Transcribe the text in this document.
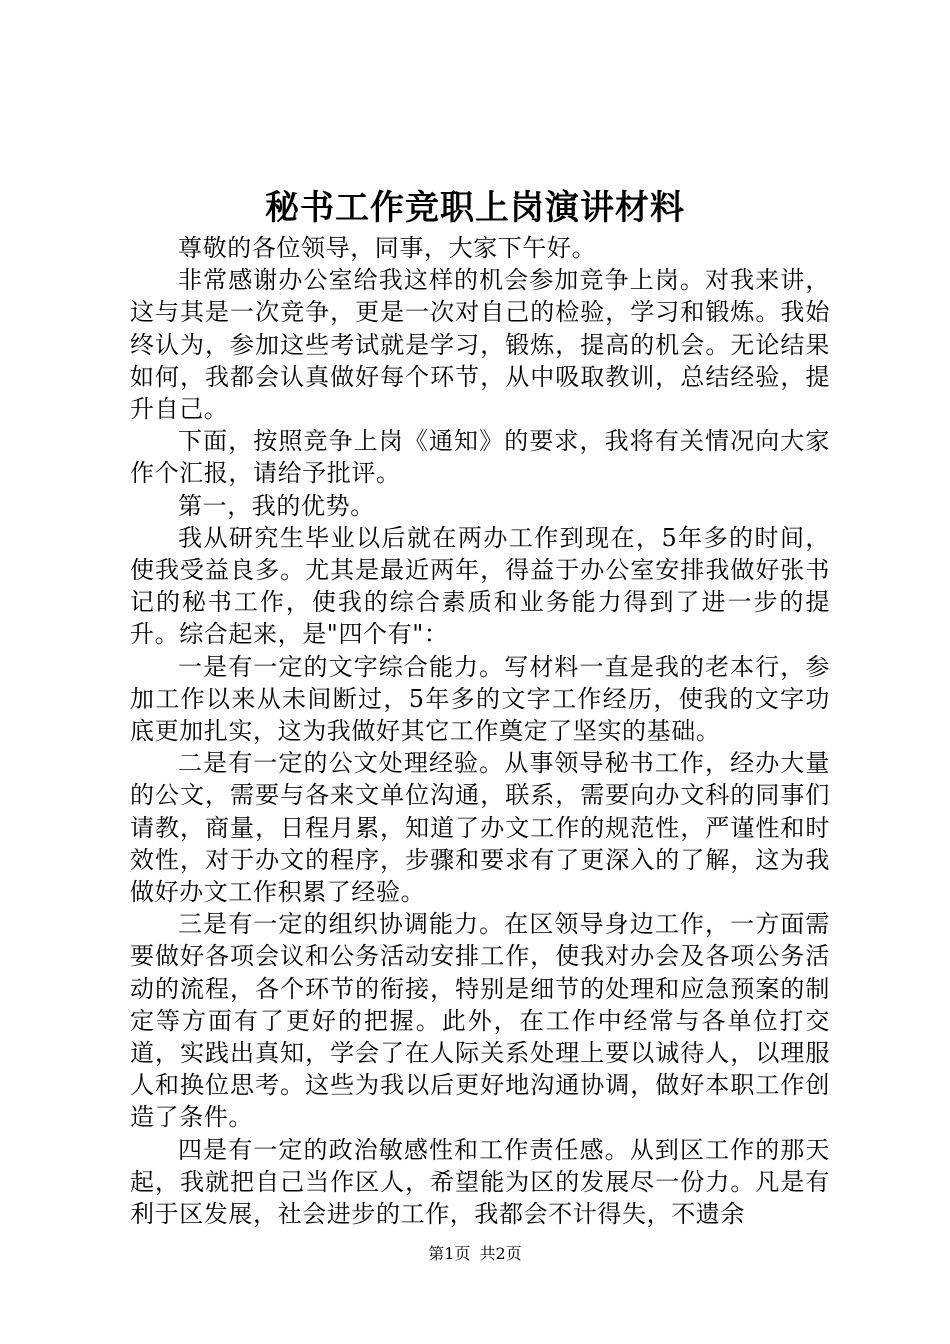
秘书工作竞职上岗演讲材料

尊敬的各位领导，同事，大家下午好。

非常感谢办公室给我这样的机会参加竞争上岗。对我来讲，这与其是一次竞争，更是一次对自己的检验，学习和锻炼。我始终认为，参加这些考试就是学习，锻炼，提高的机会。无论结果如何，我都会认真做好每个环节，从中吸取教训，总结经验，提升自己。

下面，按照竞争上岗《通知》的要求，我将有关情况向大家作个汇报，请给予批评。

第一，我的优势。

我从研究生毕业以后就在两办工作到现在，5年多的时间，使我受益良多。尤其是最近两年，得益于办公室安排我做好张书记的秘书工作，使我的综合素质和业务能力得到了进一步的提升。综合起来，是"四个有"：

一是有一定的文字综合能力。写材料一直是我的老本行，参加工作以来从未间断过，5年多的文字工作经历，使我的文字功底更加扎实，这为我做好其它工作奠定了坚实的基础。

二是有一定的公文处理经验。从事领导秘书工作，经办大量的公文，需要与各来文单位沟通，联系，需要向办文科的同事们请教，商量，日程月累，知道了办文工作的规范性，严谨性和时效性，对于办文的程序，步骤和要求有了更深入的了解，这为我做好办文工作积累了经验。

三是有一定的组织协调能力。在区领导身边工作，一方面需要做好各项会议和公务活动安排工作，使我对办会及各项公务活动的流程，各个环节的衔接，特别是细节的处理和应急预案的制定等方面有了更好的把握。此外，在工作中经常与各单位打交道，实践出真知，学会了在人际关系处理上要以诚待人，以理服人和换位思考。这些为我以后更好地沟通协调，做好本职工作创造了条件。

四是有一定的政治敏感性和工作责任感。从到区工作的那天起，我就把自己当作区人，希望能为区的发展尽一份力。凡是有利于区发展，社会进步的工作，我都会不计得失，不遗余

第1页 共2页
